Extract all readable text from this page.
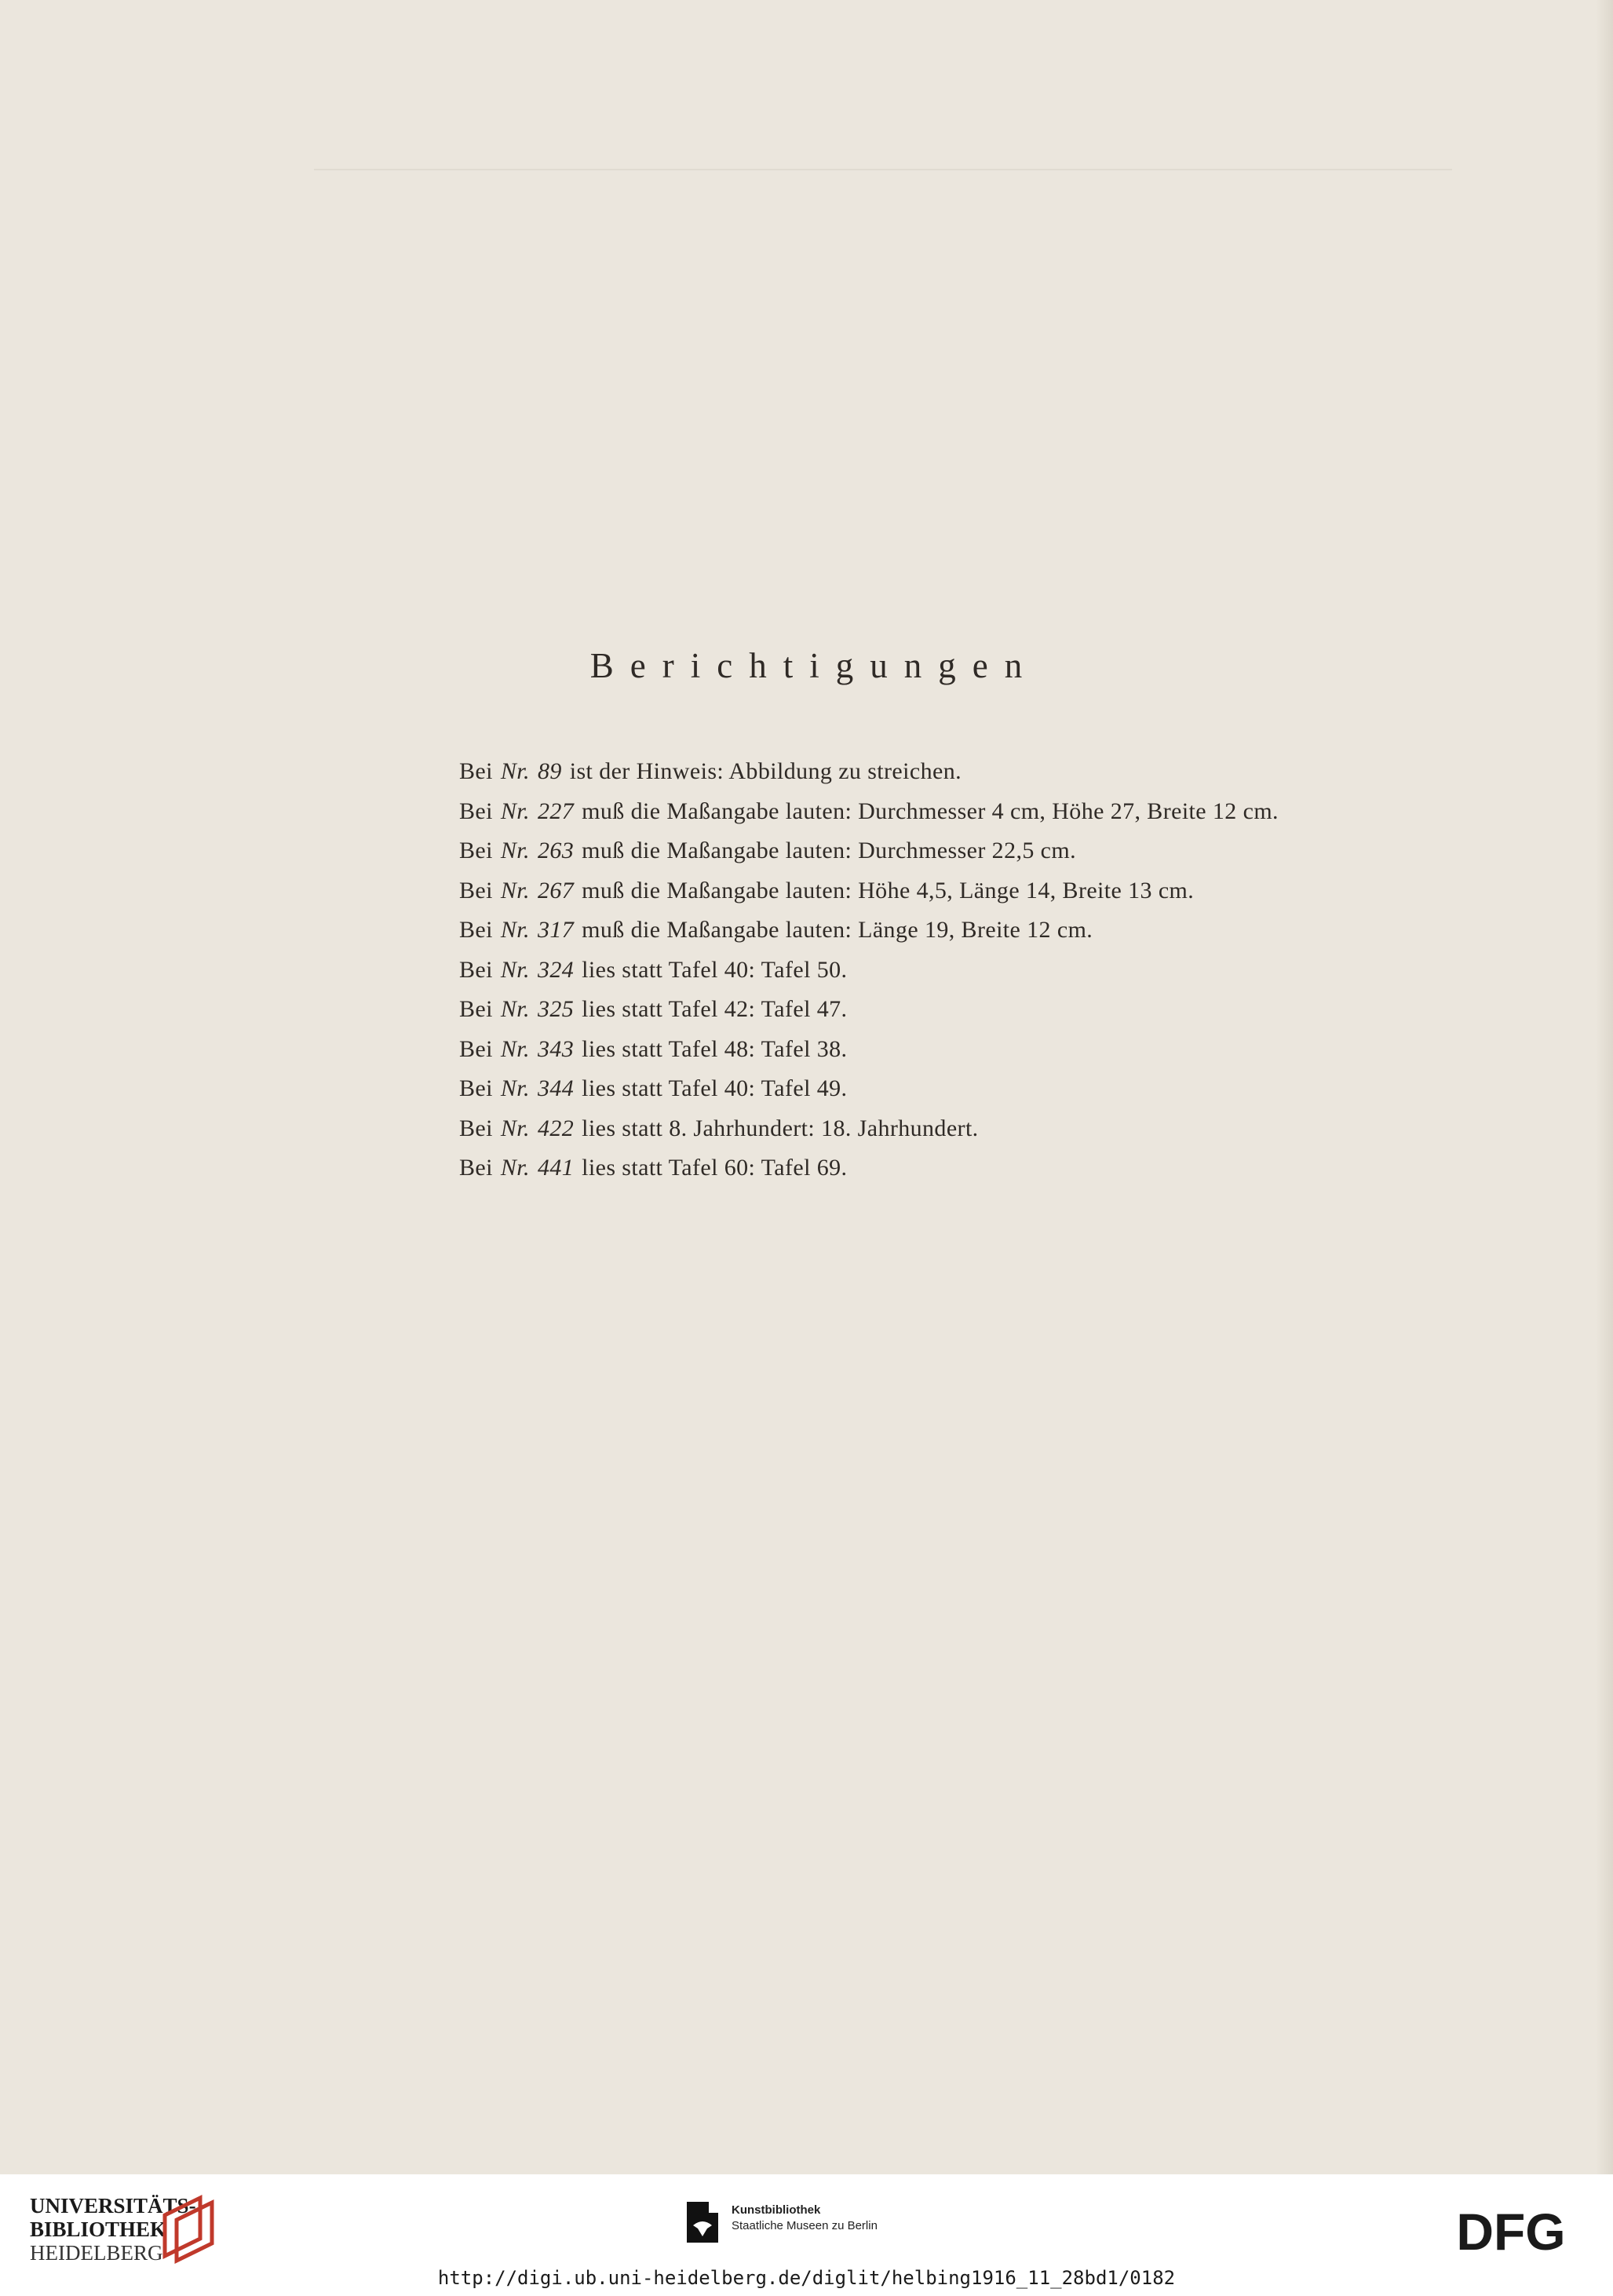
Berichtigungen
Bei Nr. 89 ist der Hinweis: Abbildung zu streichen.
Bei Nr. 227 muß die Maßangabe lauten: Durchmesser 4 cm, Höhe 27, Breite 12 cm.
Bei Nr. 263 muß die Maßangabe lauten: Durchmesser 22,5 cm.
Bei Nr. 267 muß die Maßangabe lauten: Höhe 4,5, Länge 14, Breite 13 cm.
Bei Nr. 317 muß die Maßangabe lauten: Länge 19, Breite 12 cm.
Bei Nr. 324 lies statt Tafel 40: Tafel 50.
Bei Nr. 325 lies statt Tafel 42: Tafel 47.
Bei Nr. 343 lies statt Tafel 48: Tafel 38.
Bei Nr. 344 lies statt Tafel 40: Tafel 49.
Bei Nr. 422 lies statt 8. Jahrhundert: 18. Jahrhundert.
Bei Nr. 441 lies statt Tafel 60: Tafel 69.
UNIVERSITÄTS-
BIBLIOTHEK
HEIDELBERG
Kunstbibliothek
Staatliche Museen zu Berlin	DFG
http://digi.ub.uni-heidelberg.de/diglit/helbing1916_11_28bd1/0182
